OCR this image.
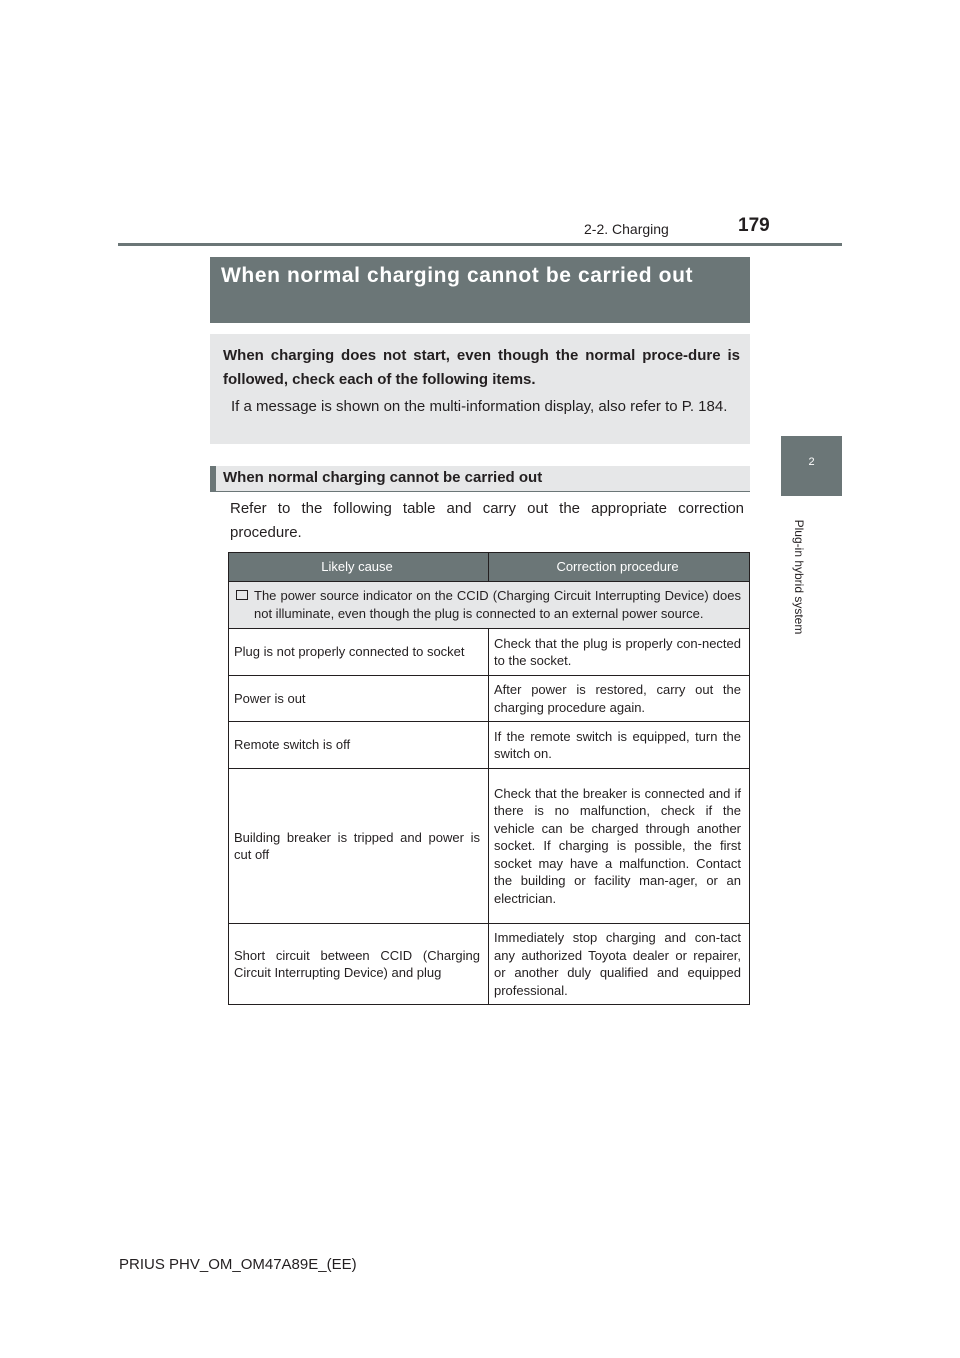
2-2. Charging	179
2
Plug-in hybrid system
When normal charging cannot be carried out
When charging does not start, even though the normal proce-dure is followed, check each of the following items.
If a message is shown on the multi-information display, also refer to P. 184.
When normal charging cannot be carried out
Refer to the following table and carry out the appropriate correction procedure.
Likely cause	Correction procedure

The power source indicator on the CCID (Charging Circuit Interrupting Device) does not illuminate, even though the plug is connected to an external power source.	

Plug is not properly connected to socket	Check that the plug is properly con-nected to the socket.
Power is out	After power is restored, carry out the charging procedure again.
Remote switch is off	If the remote switch is equipped, turn the switch on.
Building breaker is tripped and power is cut off	Check that the breaker is connected and if there is no malfunction, check if the vehicle can be charged through another socket. If charging is possible, the first socket may have a malfunction. Contact the building or facility man-ager, or an electrician.
Short circuit between CCID (Charging Circuit Interrupting Device) and plug	Immediately stop charging and con-tact any authorized Toyota dealer or repairer, or another duly qualified and equipped professional.
PRIUS PHV_OM_OM47A89E_(EE)
